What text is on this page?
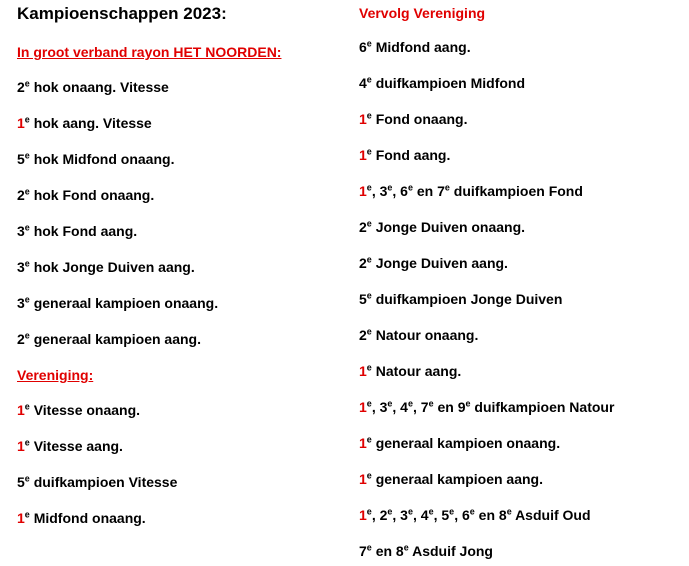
Kampioenschappen 2023:
In groot verband rayon HET NOORDEN:
2e hok onaang. Vitesse
1e hok aang. Vitesse
5e hok Midfond onaang.
2e hok Fond onaang.
3e hok Fond aang.
3e hok Jonge Duiven aang.
3e generaal kampioen onaang.
2e generaal kampioen aang.
Vereniging:
1e Vitesse onaang.
1e Vitesse aang.
5e duifkampioen Vitesse
1e Midfond onaang.
Vervolg Vereniging
6e Midfond aang.
4e duifkampioen Midfond
1e Fond onaang.
1e Fond aang.
1e, 3e, 6e en 7e duifkampioen Fond
2e Jonge Duiven onaang.
2e Jonge Duiven aang.
5e duifkampioen Jonge Duiven
2e Natour onaang.
1e Natour aang.
1e, 3e, 4e, 7e en 9e duifkampioen Natour
1e generaal kampioen onaang.
1e generaal kampioen aang.
1e, 2e, 3e, 4e, 5e, 6e en 8e Asduif Oud
7e en 8e Asduif Jong
